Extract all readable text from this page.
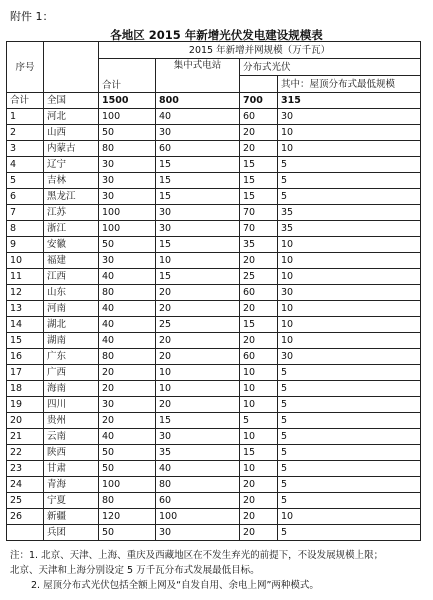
附件 1：
各地区 2015 年新增光伏发电建设规模表
序号		2015 年新增并网规模（万千瓦）			
		合计	集中式电站	分布式光伏	
					其中：屋顶分布式最低规模
合计	全国	1500	800	700	315
1	河北	100	40	60	30
2	山西	50	30	20	10
3	内蒙古	80	60	20	10
4	辽宁	30	15	15	5
5	吉林	30	15	15	5
6	黑龙江	30	15	15	5
7	江苏	100	30	70	35
8	浙江	100	30	70	35
9	安徽	50	15	35	10
10	福建	30	10	20	10
11	江西	40	15	25	10
12	山东	80	20	60	30
13	河南	40	20	20	10
14	湖北	40	25	15	10
15	湖南	40	20	20	10
16	广东	80	20	60	30
17	广西	20	10	10	5
18	海南	20	10	10	5
19	四川	30	20	10	5
20	贵州	20	15	5	5
21	云南	40	30	10	5
22	陕西	50	35	15	5
23	甘肃	50	40	10	5
24	青海	100	80	20	5
25	宁夏	80	60	20	5
26	新疆	120	100	20	10
	兵团	50	30	20	5
注：1. 北京、天津、上海、重庆及西藏地区在不发生弃光的前提下，不设发展规模上限；
北京、天津和上海分别设定 5 万千瓦分布式发展最低目标。
2. 屋顶分布式光伏包括全额上网及“自发自用、余电上网”两种模式。
